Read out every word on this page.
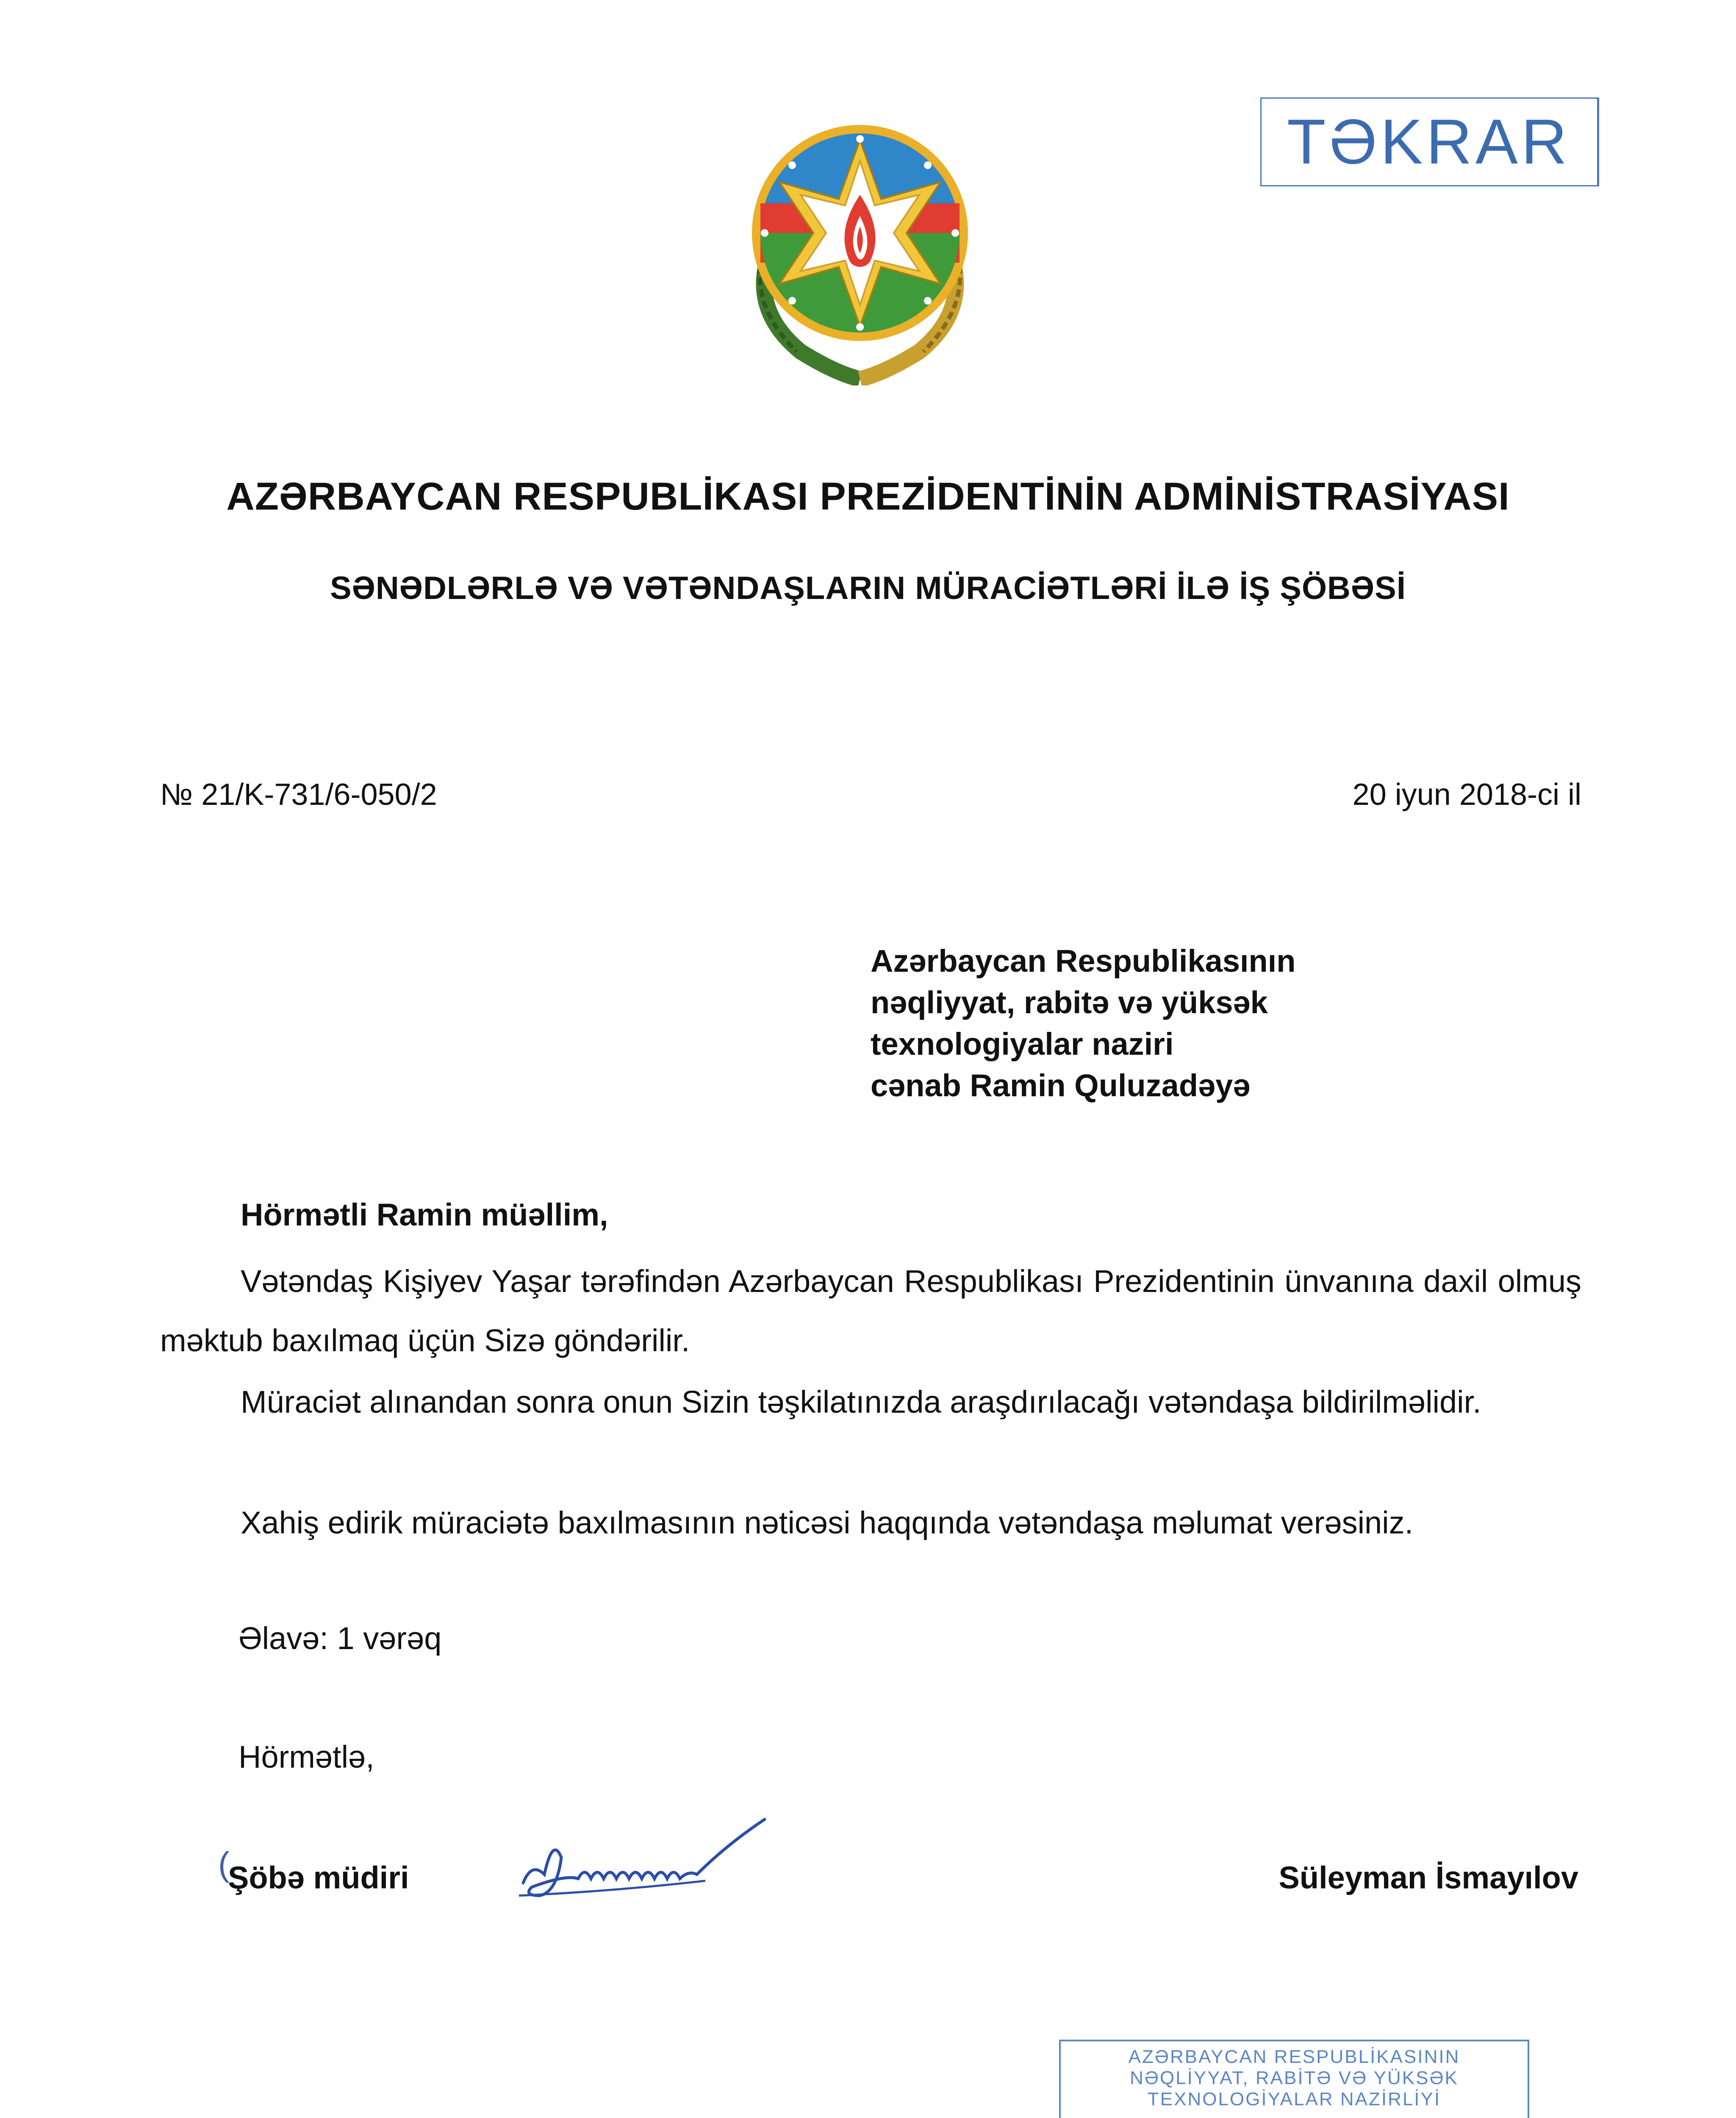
TƏKRAR
AZƏRBAYCAN RESPUBLİKASI PREZİDENTİNİN ADMİNİSTRASİYASI
SƏNƏDLƏRLƏ VƏ VƏTƏNDAŞLARIN MÜRACİƏTLƏRİ İLƏ İŞ ŞÖBƏSİ
№ 21/K-731/6-050/2	20 iyun 2018-ci il
Azərbaycan Respublikasının
nəqliyyat, rabitə və yüksək
texnologiyalar naziri
cənab Ramin Quluzadəyə
Hörmətli Ramin müəllim,
Vətəndaş Kişiyev Yaşar tərəfindən Azərbaycan Respublikası Prezidentinin ünvanına daxil olmuş məktub baxılmaq üçün Sizə göndərilir.
Müraciət alınandan sonra onun Sizin təşkilatınızda araşdırılacağı vətəndaşa bildirilməlidir.
Xahiş edirik müraciətə baxılmasının nəticəsi haqqında vətəndaşa məlumat verəsiniz.
Əlavə: 1 vərəq
Hörmətlə,
(
Şöbə müdiri	Süleyman İsmayılov
AZƏRBAYCAN RESPUBLİKASININ
NƏQLİYYAT, RABİTƏ VƏ YÜKSƏK
TEXNOLOGİYALAR NAZİRLİYİ
